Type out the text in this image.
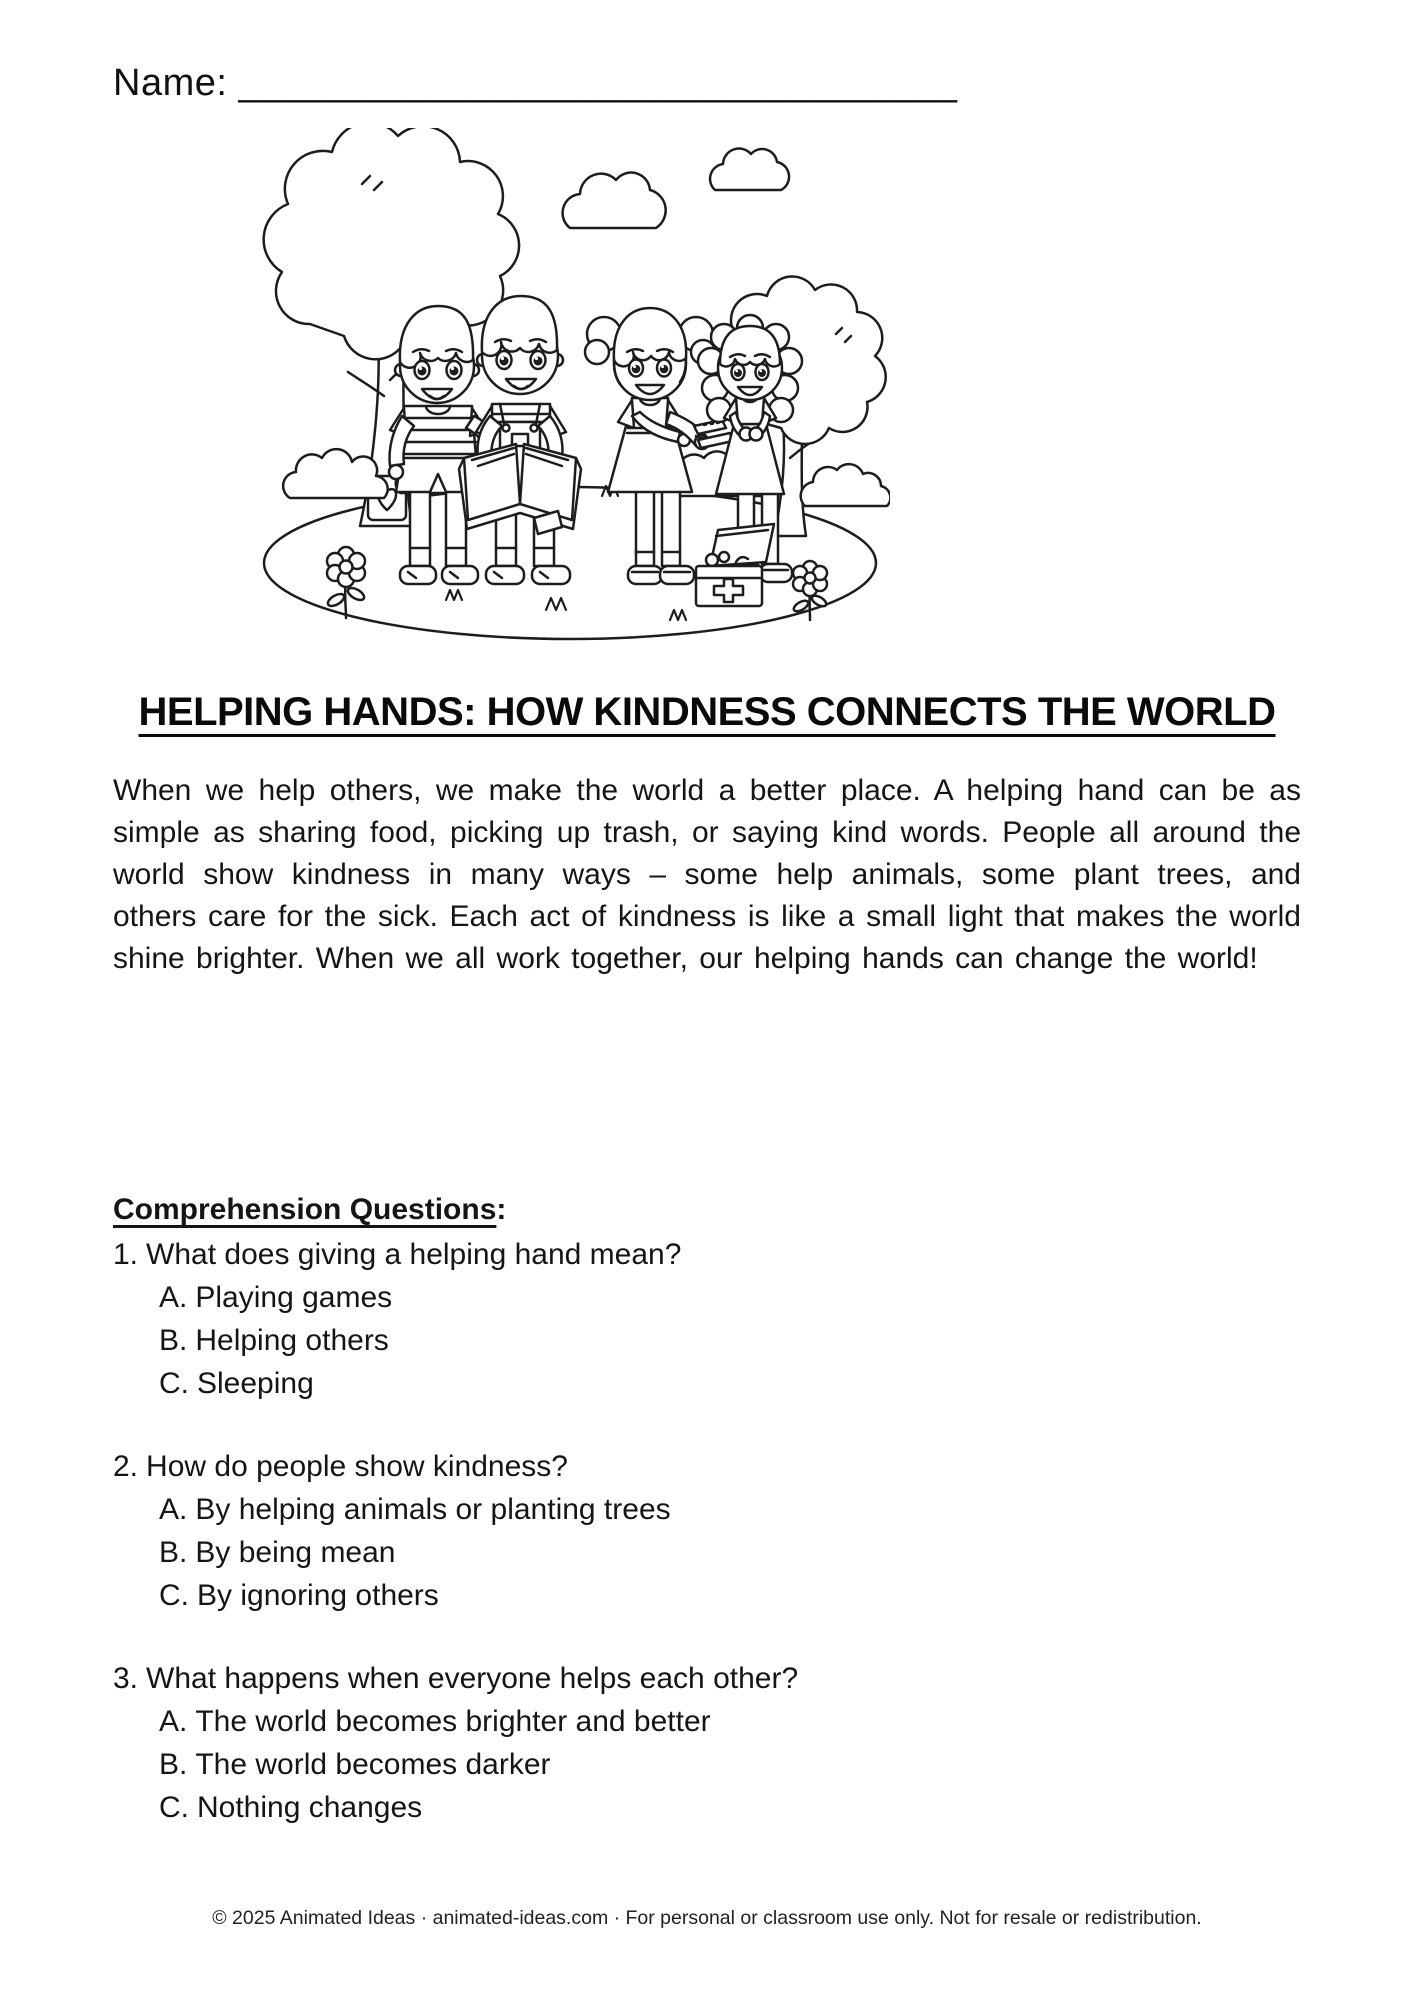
Name: __________________________________
HELPING HANDS: HOW KINDNESS CONNECTS THE WORLD
When we help others, we make the world a better place. A helping hand can be as simple as sharing food, picking up trash, or saying kind words. People all around the world show kindness in many ways – some help animals, some plant trees, and others care for the sick. Each act of kindness is like a small light that makes the world shine brighter. When we all work together, our helping hands can change the world!
Comprehension Questions:
1. What does giving a helping hand mean?
A. Playing games
B. Helping others
C. Sleeping
2. How do people show kindness?
A. By helping animals or planting trees
B. By being mean
C. By ignoring others
3. What happens when everyone helps each other?
A. The world becomes brighter and better
B. The world becomes darker
C. Nothing changes
© 2025 Animated Ideas · animated-ideas.com · For personal or classroom use only. Not for resale or redistribution.
